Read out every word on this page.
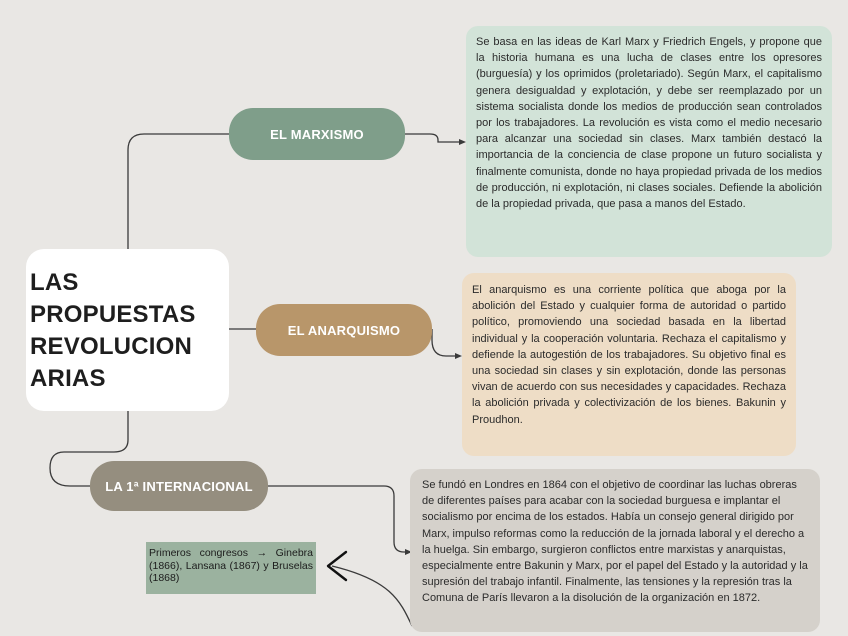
LAS
PROPUESTAS
REVOLUCION
ARIAS
EL MARXISMO
EL ANARQUISMO
LA 1ª INTERNACIONAL
Se basa en las ideas de Karl Marx y Friedrich Engels, y propone que la historia humana es una lucha de clases entre los opresores (burguesía) y los oprimidos (proletariado). Según Marx, el capitalismo genera desigualdad y explotación, y debe ser reemplazado por un sistema socialista donde los medios de producción sean controlados por los trabajadores. La revolución es vista como el medio necesario para alcanzar una sociedad sin clases. Marx también destacó la importancia de la conciencia de clase propone un futuro socialista y finalmente comunista, donde no haya propiedad privada de los medios de producción, ni explotación, ni clases sociales. Defiende la abolición de la propiedad privada, que pasa a manos del Estado.
El anarquismo es una corriente política que aboga por la abolición del Estado y cualquier forma de autoridad o partido político, promoviendo una sociedad basada en la libertad individual y la cooperación voluntaria. Rechaza el capitalismo y defiende la autogestión de los trabajadores. Su objetivo final es una sociedad sin clases y sin explotación, donde las personas vivan de acuerdo con sus necesidades y capacidades. Rechaza la abolición privada y colectivización de los bienes. Bakunin y Proudhon.
Se fundó en Londres en 1864 con el objetivo de coordinar las luchas obreras de diferentes países para acabar con la sociedad burguesa e implantar el socialismo por encima de los estados. Había un consejo general dirigido por Marx, impulso reformas como la reducción de la jornada laboral y el derecho a la huelga. Sin embargo, surgieron conflictos entre marxistas y anarquistas, especialmente entre Bakunin y Marx, por el papel del Estado y la autoridad y la supresión del trabajo infantil. Finalmente, las tensiones y la represión tras la Comuna de París llevaron a la disolución de la organización en 1872.
Primeros congresos → Ginebra (1866), Lansana (1867) y Bruselas (1868)
